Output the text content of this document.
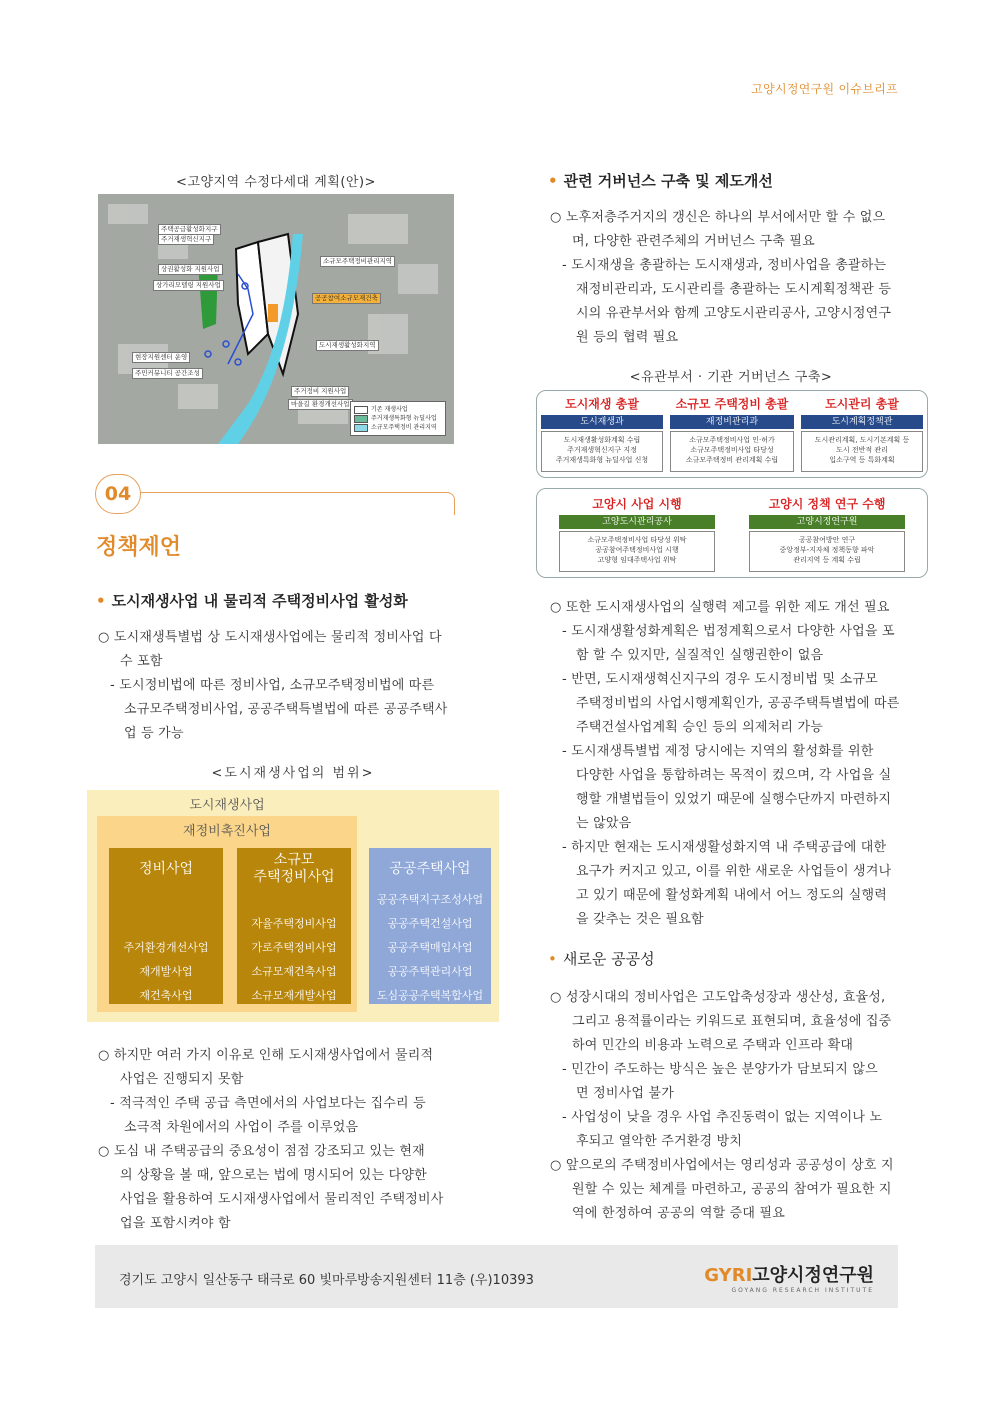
고양시정연구원 이슈브리프
<고양지역 수정다세대 계획(안)>
주택공급활성화지구
주거재생혁신지구
상권활성화 지원사업
상가리모델링 지원사업
소규모주택정비관리지역
공공참여소규모재건축
도시재생활성화지역
현장지원센터 운영
주민커뮤니티 공간조성
주거정비 지원사업
마을길 환경개선사업
기존 재생사업
주거재생특화형 뉴딜사업
소규모주택정비 관리지역
04
정책제언
• 도시재생사업 내 물리적 주택정비사업 활성화
○ 도시재생특별법 상 도시재생사업에는 물리적 정비사업 다
수 포함
- 도시정비법에 따른 정비사업, 소규모주택정비법에 따른
소규모주택정비사업, 공공주택특별법에 따른 공공주택사
업 등 가능
<도시재생사업의 범위>
도시재생사업
재정비촉진사업
정비사업
주거환경개선사업
재개발사업
재건축사업
소규모
주택정비사업
자율주택정비사업
가로주택정비사업
소규모재건축사업
소규모재개발사업
공공주택사업
공공주택지구조성사업
공공주택건설사업
공공주택매입사업
공공주택관리사업
도심공공주택복합사업
○ 하지만 여러 가지 이유로 인해 도시재생사업에서 물리적
사업은 진행되지 못함
- 적극적인 주택 공급 측면에서의 사업보다는 집수리 등
소극적 차원에서의 사업이 주를 이루었음
○ 도심 내 주택공급의 중요성이 점점 강조되고 있는 현재
의 상황을 볼 때, 앞으로는 법에 명시되어 있는 다양한
사업을 활용하여 도시재생사업에서 물리적인 주택정비사
업을 포함시켜야 함
• 관련 거버넌스 구축 및 제도개선
○ 노후저층주거지의 갱신은 하나의 부서에서만 할 수 없으
며, 다양한 관련주체의 거버넌스 구축 필요
- 도시재생을 총괄하는 도시재생과, 정비사업을 총괄하는
재정비관리과, 도시관리를 총괄하는 도시계획정책관 등
시의 유관부서와 함께 고양도시관리공사, 고양시정연구
원 등의 협력 필요
<유관부서 · 기관 거버넌스 구축>
도시재생 총괄
도시재생과
도시재생활성화계획 수립
주거재생혁신지구 지정
주거재생특화형 뉴딜사업 신청
소규모 주택정비 총괄
재정비관리과
소규모주택정비사업 인·허가
소규모주택정비사업 타당성
소규모주택정비 관리계획 수립
도시관리 총괄
도시계획정책관
도시관리계획, 도시기본계획 등
도시 전반적 관리
입소구역 등 특화계획
고양시 사업 시행
고양도시관리공사
소규모주택정비사업 타당성 위탁
공공참여주택정비사업 시행
고양형 임대주택사업 위탁
고양시 정책 연구 수행
고양시정연구원
공공참여방안 연구
중앙정부-지자체 정책동향 파악
관리지역 등 계획 수립
○ 또한 도시재생사업의 실행력 제고를 위한 제도 개선 필요
- 도시재생활성화계획은 법정계획으로서 다양한 사업을 포
함 할 수 있지만, 실질적인 실행권한이 없음
- 반면, 도시재생혁신지구의 경우 도시정비법 및 소규모
주택정비법의 사업시행계획인가, 공공주택특별법에 따른
주택건설사업계획 승인 등의 의제처리 가능
- 도시재생특별법 제정 당시에는 지역의 활성화를 위한
다양한 사업을 통합하려는 목적이 컸으며, 각 사업을 실
행할 개별법들이 있었기 때문에 실행수단까지 마련하지
는 않았음
- 하지만 현재는 도시재생활성화지역 내 주택공급에 대한
요구가 커지고 있고, 이를 위한 새로운 사업들이 생겨나
고 있기 때문에 활성화계획 내에서 어느 정도의 실행력
을 갖추는 것은 필요함
• 새로운 공공성
○ 성장시대의 정비사업은 고도압축성장과 생산성, 효율성,
그리고 용적률이라는 키워드로 표현되며, 효율성에 집중
하여 민간의 비용과 노력으로 주택과 인프라 확대
- 민간이 주도하는 방식은 높은 분양가가 담보되지 않으
면 정비사업 불가
- 사업성이 낮을 경우 사업 추진동력이 없는 지역이나 노
후되고 열악한 주거환경 방치
○ 앞으로의 주택정비사업에서는 영리성과 공공성이 상호 지
원할 수 있는 체계를 마련하고, 공공의 참여가 필요한 지
역에 한정하여 공공의 역할 증대 필요
경기도 고양시 일산동구 태극로 60 빛마루방송지원센터 11층 (우)10393	GYRI고양시정연구원
GOYANG RESEARCH INSTITUTE
